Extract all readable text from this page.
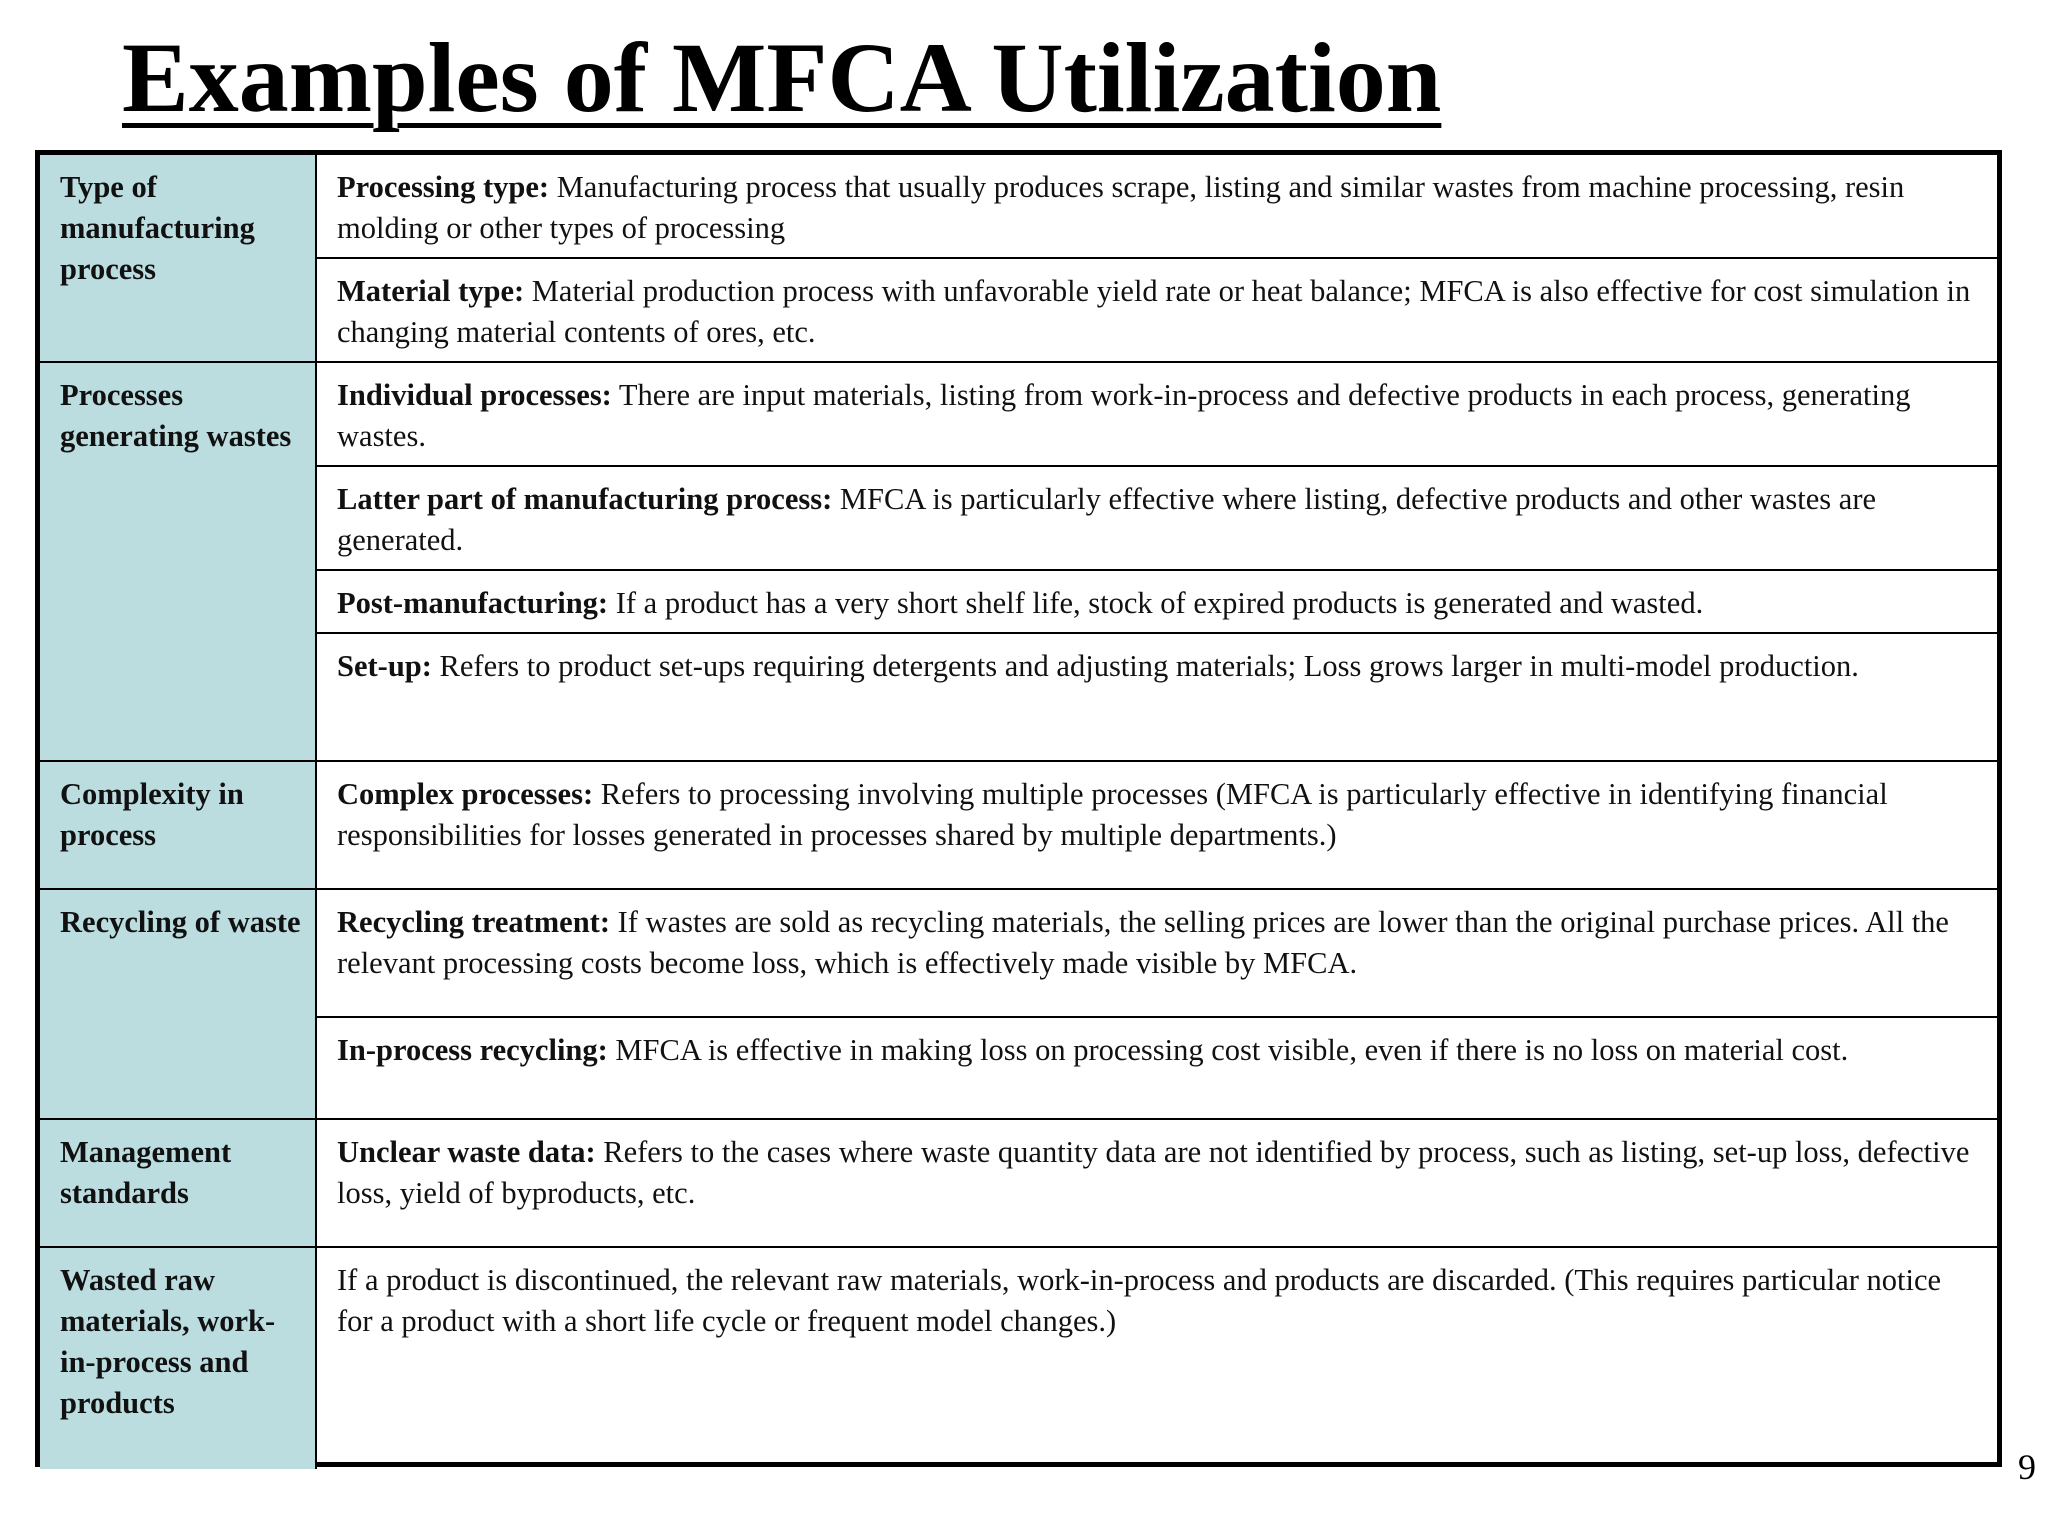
Examples of MFCA Utilization
Type of manufacturing process	Processing type: Manufacturing process that usually produces scrape, listing and similar wastes from machine processing, resin molding or other types of processing
	Material type: Material production process with unfavorable yield rate or heat balance; MFCA is also effective for cost simulation in changing material contents of ores, etc.
Processes generating wastes	Individual processes: There are input materials, listing from work-in-process and defective products in each process, generating wastes.
	Latter part of manufacturing process: MFCA is particularly effective where listing, defective products and other wastes are generated.
	Post-manufacturing: If a product has a very short shelf life, stock of expired products is generated and wasted.
	Set-up: Refers to product set-ups requiring detergents and adjusting materials; Loss grows larger in multi-model production.
Complexity in process	Complex processes: Refers to processing involving multiple processes (MFCA is particularly effective in identifying financial responsibilities for losses generated in processes shared by multiple departments.)
Recycling of waste	Recycling treatment: If wastes are sold as recycling materials, the selling prices are lower than the original purchase prices. All the relevant processing costs become loss, which is effectively made visible by MFCA.
	In-process recycling: MFCA is effective in making loss on processing cost visible, even if there is no loss on material cost.
Management standards	Unclear waste data: Refers to the cases where waste quantity data are not identified by process, such as listing, set-up loss, defective loss, yield of byproducts, etc.
Wasted raw materials, work-in-process and products	If a product is discontinued, the relevant raw materials, work-in-process and products are discarded. (This requires particular notice for a product with a short life cycle or frequent model changes.)
9
